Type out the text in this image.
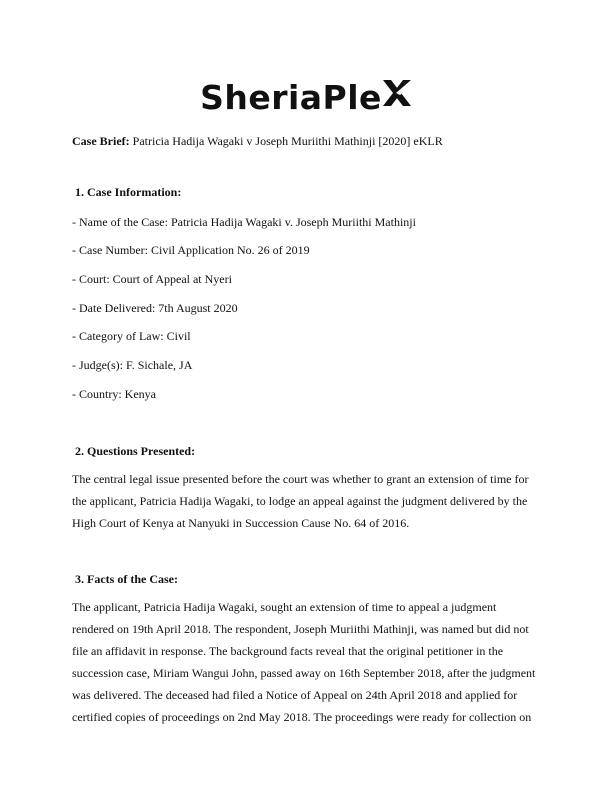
SheriaPle
Case Brief: Patricia Hadija Wagaki v Joseph Muriithi Mathinji [2020] eKLR
1. Case Information:
- Name of the Case: Patricia Hadija Wagaki v. Joseph Muriithi Mathinji
- Case Number: Civil Application No. 26 of 2019
- Court: Court of Appeal at Nyeri
- Date Delivered: 7th August 2020
- Category of Law: Civil
- Judge(s): F. Sichale, JA
- Country: Kenya
2. Questions Presented:
The central legal issue presented before the court was whether to grant an extension of time for
the applicant, Patricia Hadija Wagaki, to lodge an appeal against the judgment delivered by the
High Court of Kenya at Nanyuki in Succession Cause No. 64 of 2016.
3. Facts of the Case:
The applicant, Patricia Hadija Wagaki, sought an extension of time to appeal a judgment
rendered on 19th April 2018. The respondent, Joseph Muriithi Mathinji, was named but did not
file an affidavit in response. The background facts reveal that the original petitioner in the
succession case, Miriam Wangui John, passed away on 16th September 2018, after the judgment
was delivered. The deceased had filed a Notice of Appeal on 24th April 2018 and applied for
certified copies of proceedings on 2nd May 2018. The proceedings were ready for collection on
